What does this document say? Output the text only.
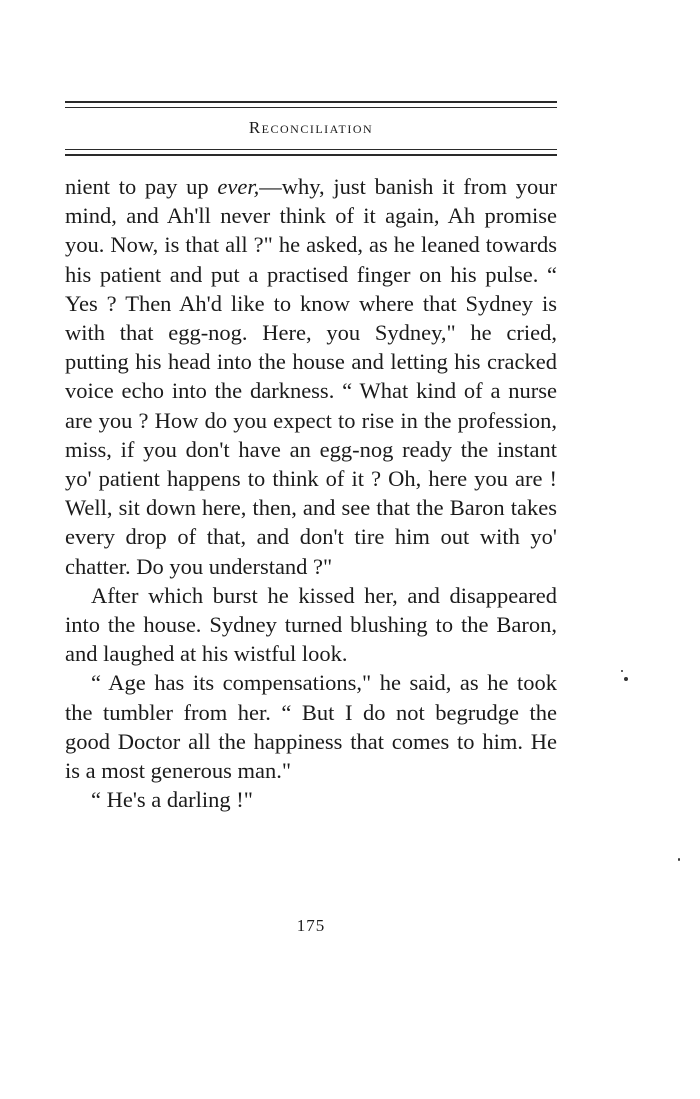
Reconciliation

nient to pay up ever,—why, just banish it from your mind, and Ah'll never think of it again, Ah promise you. Now, is that all ?" he asked, as he leaned towards his patient and put a practised finger on his pulse. “ Yes ? Then Ah'd like to know where that Sydney is with that egg-nog. Here, you Sydney," he cried, putting his head into the house and letting his cracked voice echo into the darkness. “ What kind of a nurse are you ? How do you expect to rise in the profession, miss, if you don't have an egg-nog ready the instant yo' patient happens to think of it ? Oh, here you are ! Well, sit down here, then, and see that the Baron takes every drop of that, and don't tire him out with yo' chatter. Do you understand ?"

After which burst he kissed her, and disappeared into the house. Sydney turned blushing to the Baron, and laughed at his wistful look.

“ Age has its compensations," he said, as he took the tumbler from her. “ But I do not begrudge the good Doctor all the happiness that comes to him. He is a most generous man."

“ He's a darling !"

175
